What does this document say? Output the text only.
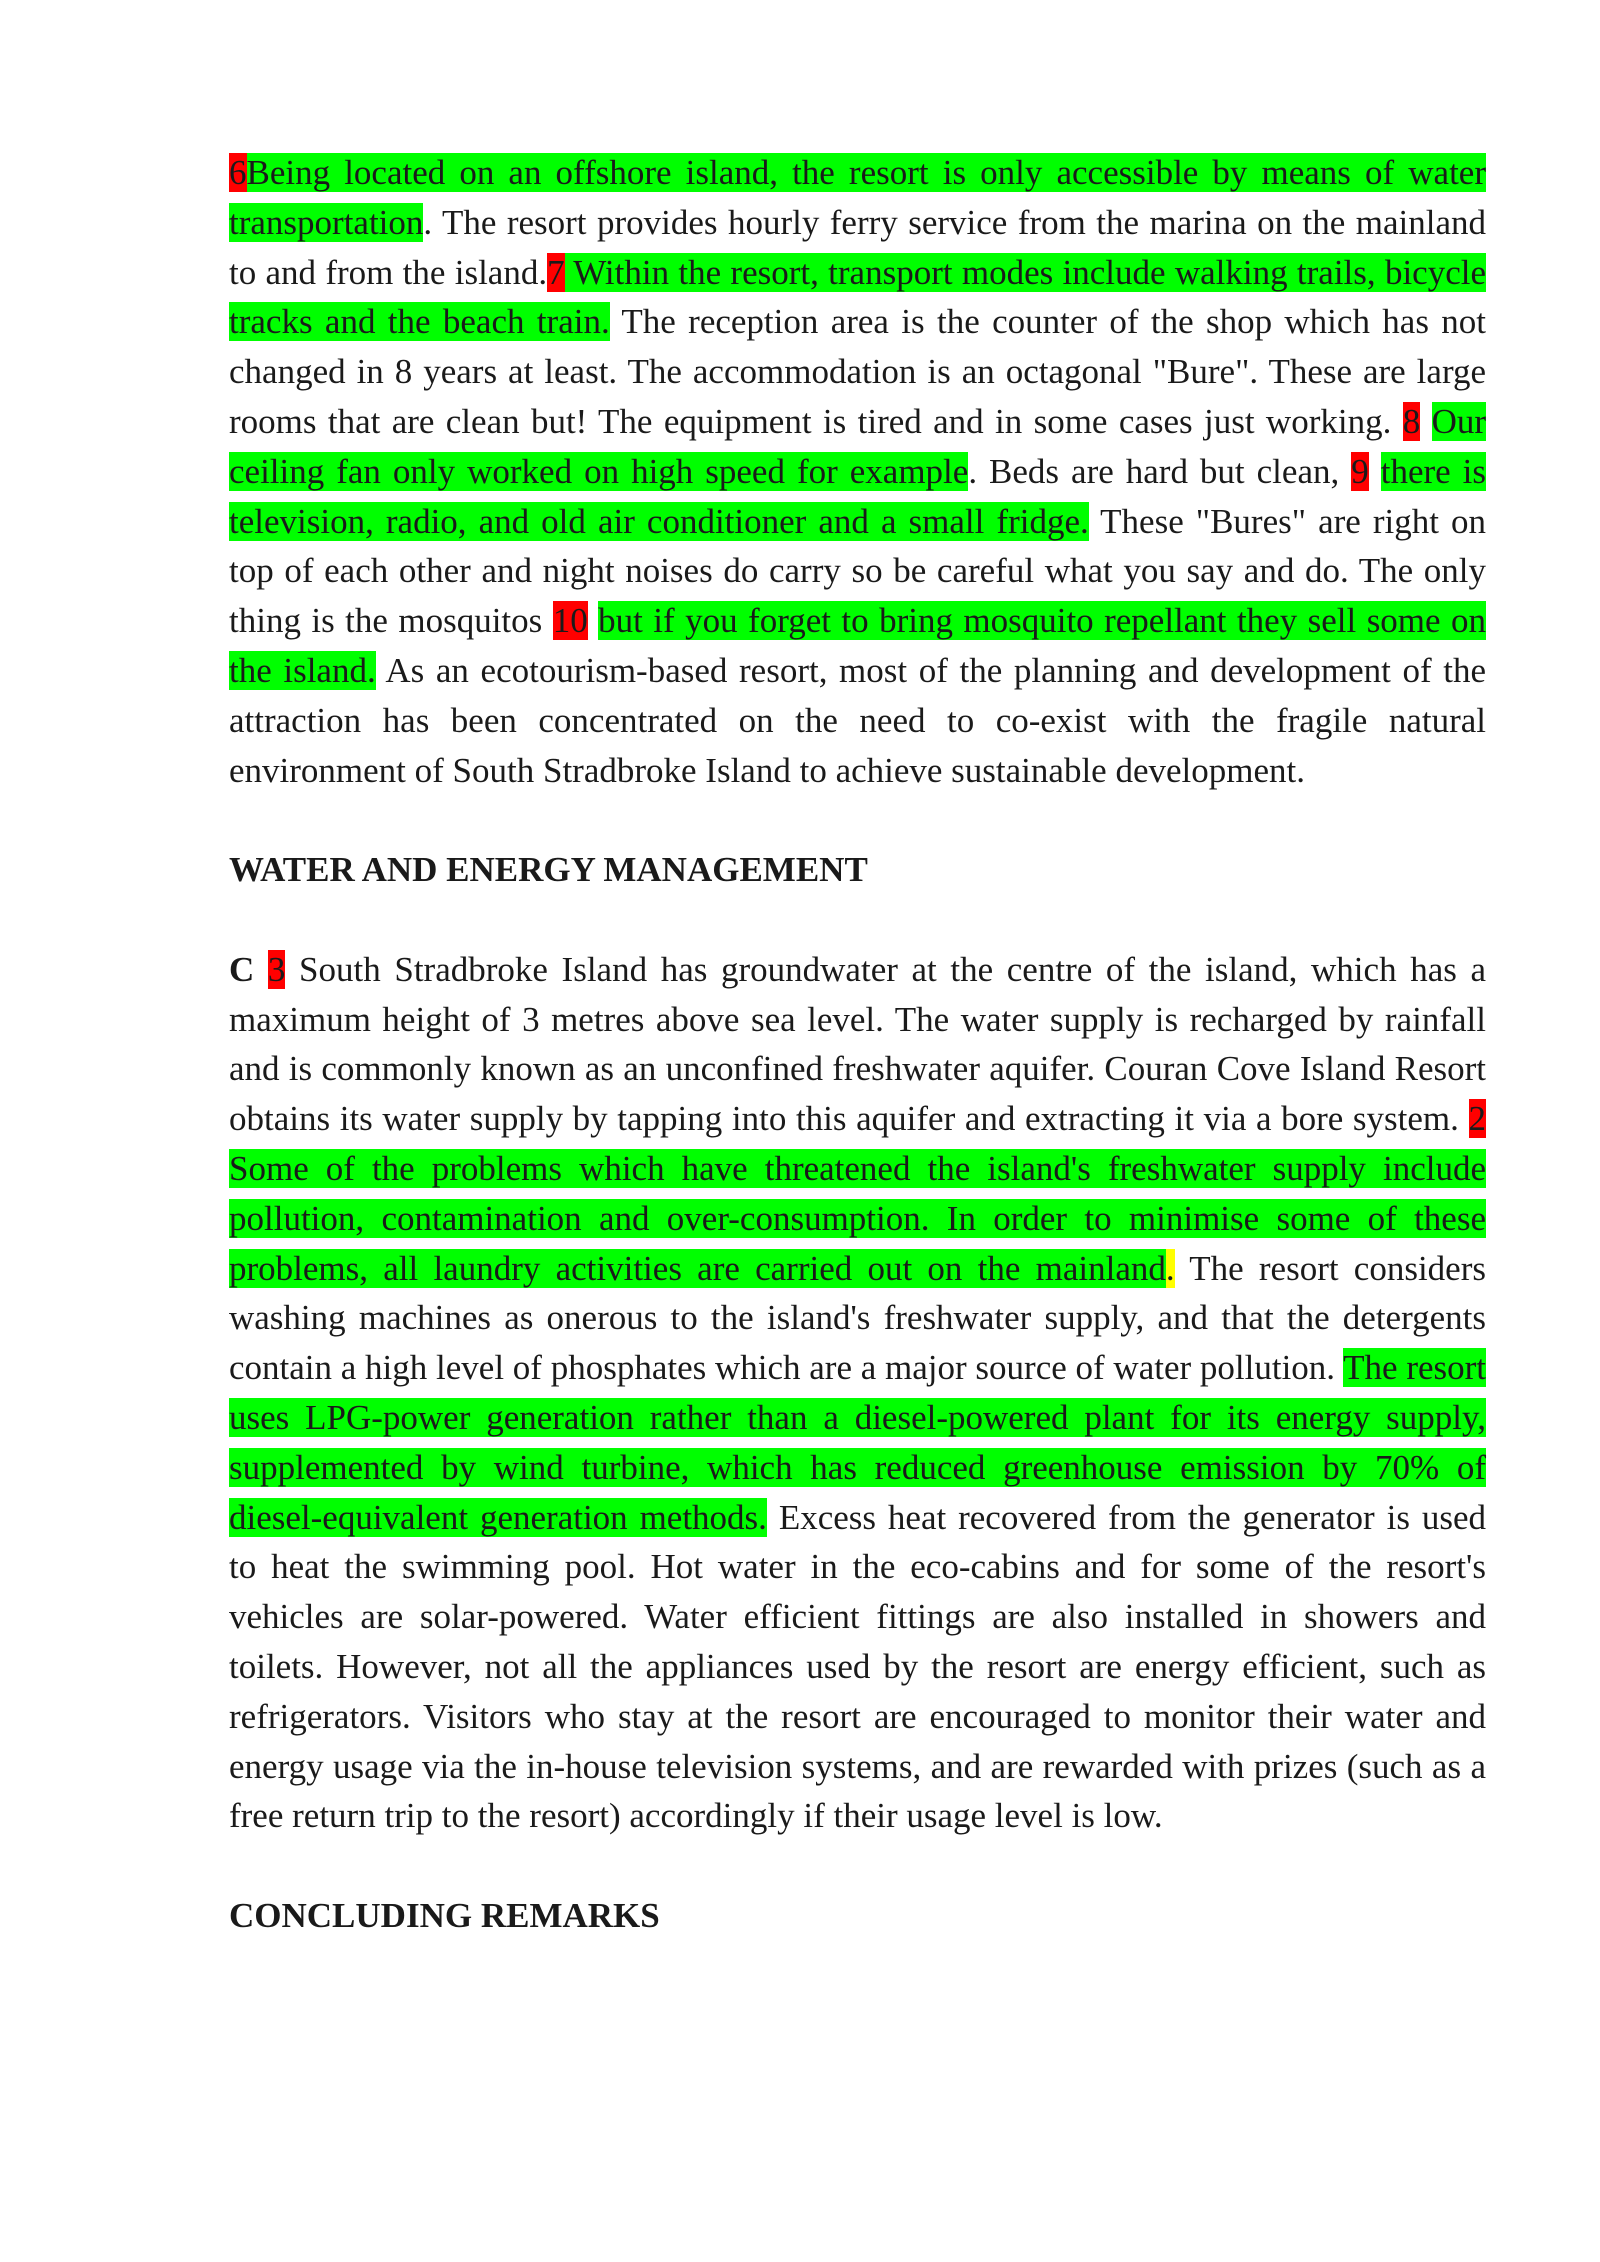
6Being located on an offshore island, the resort is only accessible by means of water transportation. The resort provides hourly ferry service from the marina on the mainland to and from the island.7 Within the resort, transport modes include walking trails, bicycle tracks and the beach train. The reception area is the counter of the shop which has not changed in 8 years at least. The accommodation is an octagonal "Bure". These are large rooms that are clean but! The equipment is tired and in some cases just working. 8 Our ceiling fan only worked on high speed for example. Beds are hard but clean, 9 there is television, radio, and old air conditioner and a small fridge. These "Bures" are right on top of each other and night noises do carry so be careful what you say and do. The only thing is the mosquitos 10 but if you forget to bring mosquito repellant they sell some on the island. As an ecotourism-based resort, most of the planning and development of the attraction has been concentrated on the need to co-exist with the fragile natural environment of South Stradbroke Island to achieve sustainable development.

WATER AND ENERGY MANAGEMENT

C 3 South Stradbroke Island has groundwater at the centre of the island, which has a maximum height of 3 metres above sea level. The water supply is recharged by rainfall and is commonly known as an unconfined freshwater aquifer. Couran Cove Island Resort obtains its water supply by tapping into this aquifer and extracting it via a bore system. 2 Some of the problems which have threatened the island's freshwater supply include pollution, contamination and over-consumption. In order to minimise some of these problems, all laundry activities are carried out on the mainland. The resort considers washing machines as onerous to the island's freshwater supply, and that the detergents contain a high level of phosphates which are a major source of water pollution. The resort uses LPG-power generation rather than a diesel-powered plant for its energy supply, supplemented by wind turbine, which has reduced greenhouse emission by 70% of diesel-equivalent generation methods. Excess heat recovered from the generator is used to heat the swimming pool. Hot water in the eco-cabins and for some of the resort's vehicles are solar-powered. Water efficient fittings are also installed in showers and toilets. However, not all the appliances used by the resort are energy efficient, such as refrigerators. Visitors who stay at the resort are encouraged to monitor their water and energy usage via the in-house television systems, and are rewarded with prizes (such as a free return trip to the resort) accordingly if their usage level is low.

CONCLUDING REMARKS
